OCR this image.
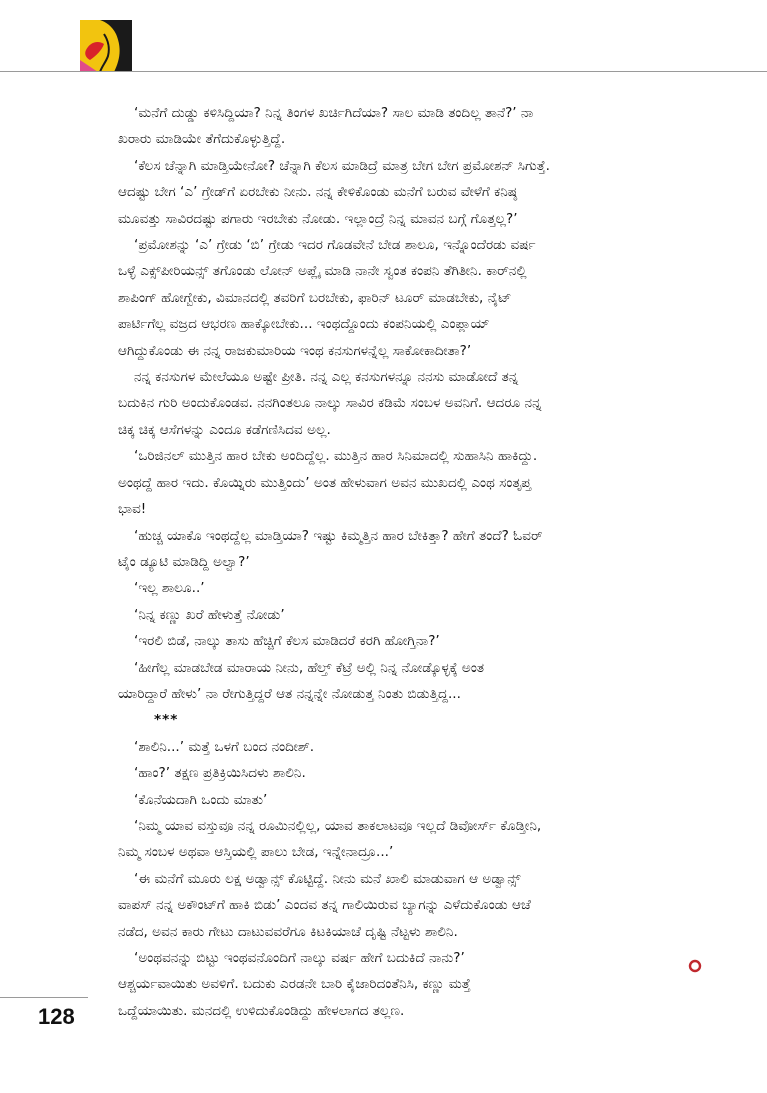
‘ಮನೆಗೆ ದುಡ್ಡು ಕಳಿಸಿದ್ದಿಯಾ? ನಿನ್ನ ತಿಂಗಳ ಖರ್ಚಿಗಿದೆಯಾ? ಸಾಲ ಮಾಡಿ ತಂದಿಲ್ಲ ತಾನೆ?’ ನಾ

ಖರಾರು ಮಾಡಿಯೇ ತೆಗೆದುಕೊಳ್ಳುತ್ತಿದ್ದೆ.

‘ಕೆಲಸ ಚೆನ್ನಾಗಿ ಮಾಡ್ತಿಯೇನೋ? ಚೆನ್ನಾಗಿ ಕೆಲಸ ಮಾಡಿದ್ರೆ ಮಾತ್ರ ಬೇಗ ಬೇಗ ಪ್ರಮೋಶನ್ ಸಿಗುತ್ತೆ.

ಆದಷ್ಟು ಬೇಗ ‘ಎ’ ಗ್ರೇಡ್‌ಗೆ ಏರಬೇಕು ನೀನು. ನನ್ನ ಕೇಳಿಕೊಂಡು ಮನೆಗೆ ಬರುವ ವೇಳೆಗೆ ಕನಿಷ್ಠ

ಮೂವತ್ತು ಸಾವಿರದಷ್ಟು ಪಗಾರು ಇರಬೇಕು ನೋಡು. ಇಲ್ಲಾಂದ್ರೆ ನಿನ್ನ ಮಾವನ ಬಗ್ಗೆ ಗೊತ್ತಲ್ಲ?’

‘ಪ್ರಮೋಶನ್ನು ‘ಎ’ ಗ್ರೇಡು ‘ಬಿ’ ಗ್ರೇಡು ಇದರ ಗೊಡವೇನೆ ಬೇಡ ಶಾಲೂ, ಇನ್ನೊಂದೆರಡು ವರ್ಷ

ಒಳ್ಳೆ ಎಕ್ಸ್‌ಪೀರಿಯನ್ಸ್ ತಗೊಂಡು ಲೋನ್ ಅಪ್ಲೈ ಮಾಡಿ ನಾನೇ ಸ್ವಂತ ಕಂಪನಿ ತೆಗಿತೀನಿ. ಕಾರ್‌ನಲ್ಲಿ

ಶಾಪಿಂಗ್ ಹೋಗ್ಬೇಕು, ವಿಮಾನದಲ್ಲಿ ತವರಿಗೆ ಬರಬೇಕು, ಫಾರಿನ್ ಟೂರ್ ಮಾಡಬೇಕು, ನೈಟ್

ಪಾರ್ಟಿಗೆಲ್ಲ ವಜ್ರದ ಆಭರಣ ಹಾಕ್ಕೋಬೇಕು... ಇಂಥದ್ದೊಂದು ಕಂಪನಿಯಲ್ಲಿ ಎಂಪ್ಲಾಯ್

ಆಗಿದ್ದುಕೊಂಡು ಈ ನನ್ನ ರಾಜಕುಮಾರಿಯ ಇಂಥ ಕನಸುಗಳನ್ನೆಲ್ಲ ಸಾಕೋಕಾದೀತಾ?’

ನನ್ನ ಕನಸುಗಳ ಮೇಲೆಯೂ ಅಷ್ಟೇ ಪ್ರೀತಿ. ನನ್ನ ಎಲ್ಲ ಕನಸುಗಳನ್ನೂ ನನಸು ಮಾಡೋದೆ ತನ್ನ

ಬದುಕಿನ ಗುರಿ ಅಂದುಕೊಂಡವ. ನನಗಿಂತಲೂ ನಾಲ್ಕು ಸಾವಿರ ಕಡಿಮೆ ಸಂಬಳ ಅವನಿಗೆ. ಆದರೂ ನನ್ನ

ಚಿಕ್ಕ ಚಿಕ್ಕ ಆಸೆಗಳನ್ನು ಎಂದೂ ಕಡೆಗಣಿಸಿದವ ಅಲ್ಲ.

‘ಒರಿಜಿನಲ್ ಮುತ್ತಿನ ಹಾರ ಬೇಕು ಅಂದಿದ್ದೆಲ್ಲ. ಮುತ್ತಿನ ಹಾರ ಸಿನಿಮಾದಲ್ಲಿ ಸುಹಾಸಿನಿ ಹಾಕಿದ್ದು.

ಅಂಥದ್ದೆ ಹಾರ ಇದು. ಕೊಯ್ನಿರು ಮುತ್ತಿಂದು’ ಅಂತ ಹೇಳುವಾಗ ಅವನ ಮುಖದಲ್ಲಿ ಎಂಥ ಸಂತೃಪ್ತ

ಭಾವ!

‘ಹುಚ್ಚ ಯಾಕೊ ಇಂಥದ್ದೆಲ್ಲ ಮಾಡ್ತಿಯಾ? ಇಷ್ಟು ಕಿಮ್ಮತ್ತಿನ ಹಾರ ಬೇಕಿತ್ತಾ? ಹೇಗೆ ತಂದೆ? ಓವರ್

ಟೈಂ ಡ್ಯೂಟಿ ಮಾಡಿದ್ದಿ ಅಲ್ವಾ?’

‘ಇಲ್ಲ ಶಾಲೂ..’

‘ನಿನ್ನ ಕಣ್ಣು ಖರೆ ಹೇಳುತ್ತೆ ನೋಡು’

‘ಇರಲಿ ಬಿಡೆ, ನಾಲ್ಕು ತಾಸು ಹೆಚ್ಚಿಗೆ ಕೆಲಸ ಮಾಡಿದರೆ ಕರಗಿ ಹೋಗ್ತಿನಾ?’

‘ಹೀಗೆಲ್ಲ ಮಾಡಬೇಡ ಮಾರಾಯ ನೀನು, ಹೆಲ್ತ್ ಕೆಟ್ರೆ ಅಲ್ಲಿ ನಿನ್ನ ನೋಡ್ಕೊಳ್ಳಕ್ಕೆ ಅಂತ

ಯಾರಿದ್ದಾರೆ ಹೇಳು’ ನಾ ರೇಗುತ್ತಿದ್ದರೆ ಆತ ನನ್ನನ್ನೇ ನೋಡುತ್ತ ನಿಂತು ಬಿಡುತ್ತಿದ್ದ...

***

‘ಶಾಲಿನಿ...’ ಮತ್ತೆ ಒಳಗೆ ಬಂದ ನಂದೀಶ್.

‘ಹಾಂ?’ ತಕ್ಷಣ ಪ್ರತಿಕ್ರಿಯಿಸಿದಳು ಶಾಲಿನಿ.

‘ಕೊನೆಯದಾಗಿ ಒಂದು ಮಾತು’

‘ನಿಮ್ಮ ಯಾವ ವಸ್ತುವೂ ನನ್ನ ರೂಮಿನಲ್ಲಿಲ್ಲ, ಯಾವ ತಾಕಲಾಟವೂ ಇಲ್ಲದೆ ಡಿವೋರ್ಸ್ ಕೊಡ್ತೀನಿ,

ನಿಮ್ಮ ಸಂಬಳ ಅಥವಾ ಆಸ್ತಿಯಲ್ಲಿ ಪಾಲು ಬೇಡ, ಇನ್ನೇನಾದ್ರೂ...’

‘ಈ ಮನೆಗೆ ಮೂರು ಲಕ್ಷ ಅಡ್ವಾನ್ಸ್ ಕೊಟ್ಟಿದ್ದೆ. ನೀನು ಮನೆ ಖಾಲಿ ಮಾಡುವಾಗ ಆ ಅಡ್ವಾನ್ಸ್

ವಾಪಸ್ ನನ್ನ ಅಕೌಂಟ್‌ಗೆ ಹಾಕಿ ಬಿಡು’ ಎಂದವ ತನ್ನ ಗಾಲಿಯಿರುವ ಬ್ಯಾಗನ್ನು ಎಳೆದುಕೊಂಡು ಆಚೆ

ನಡೆದ, ಅವನ ಕಾರು ಗೇಟು ದಾಟುವವರೆಗೂ ಕಿಟಕಿಯಾಚೆ ದೃಷ್ಟಿ ನೆಟ್ಟಳು ಶಾಲಿನಿ.

‘ಅಂಥವನನ್ನು ಬಿಟ್ಟು ಇಂಥವನೊಂದಿಗೆ ನಾಲ್ಕು ವರ್ಷ ಹೇಗೆ ಬದುಕಿದೆ ನಾನು?’

ಆಶ್ಚರ್ಯವಾಯಿತು ಅವಳಿಗೆ. ಬದುಕು ಎರಡನೇ ಬಾರಿ ಕೈಜಾರಿದಂತೆನಿಸಿ, ಕಣ್ಣು ಮತ್ತೆ

ಒದ್ದೆಯಾಯಿತು. ಮನದಲ್ಲಿ ಉಳಿದುಕೊಂಡಿದ್ದು ಹೇಳಲಾಗದ ತಲ್ಲಣ.

128
